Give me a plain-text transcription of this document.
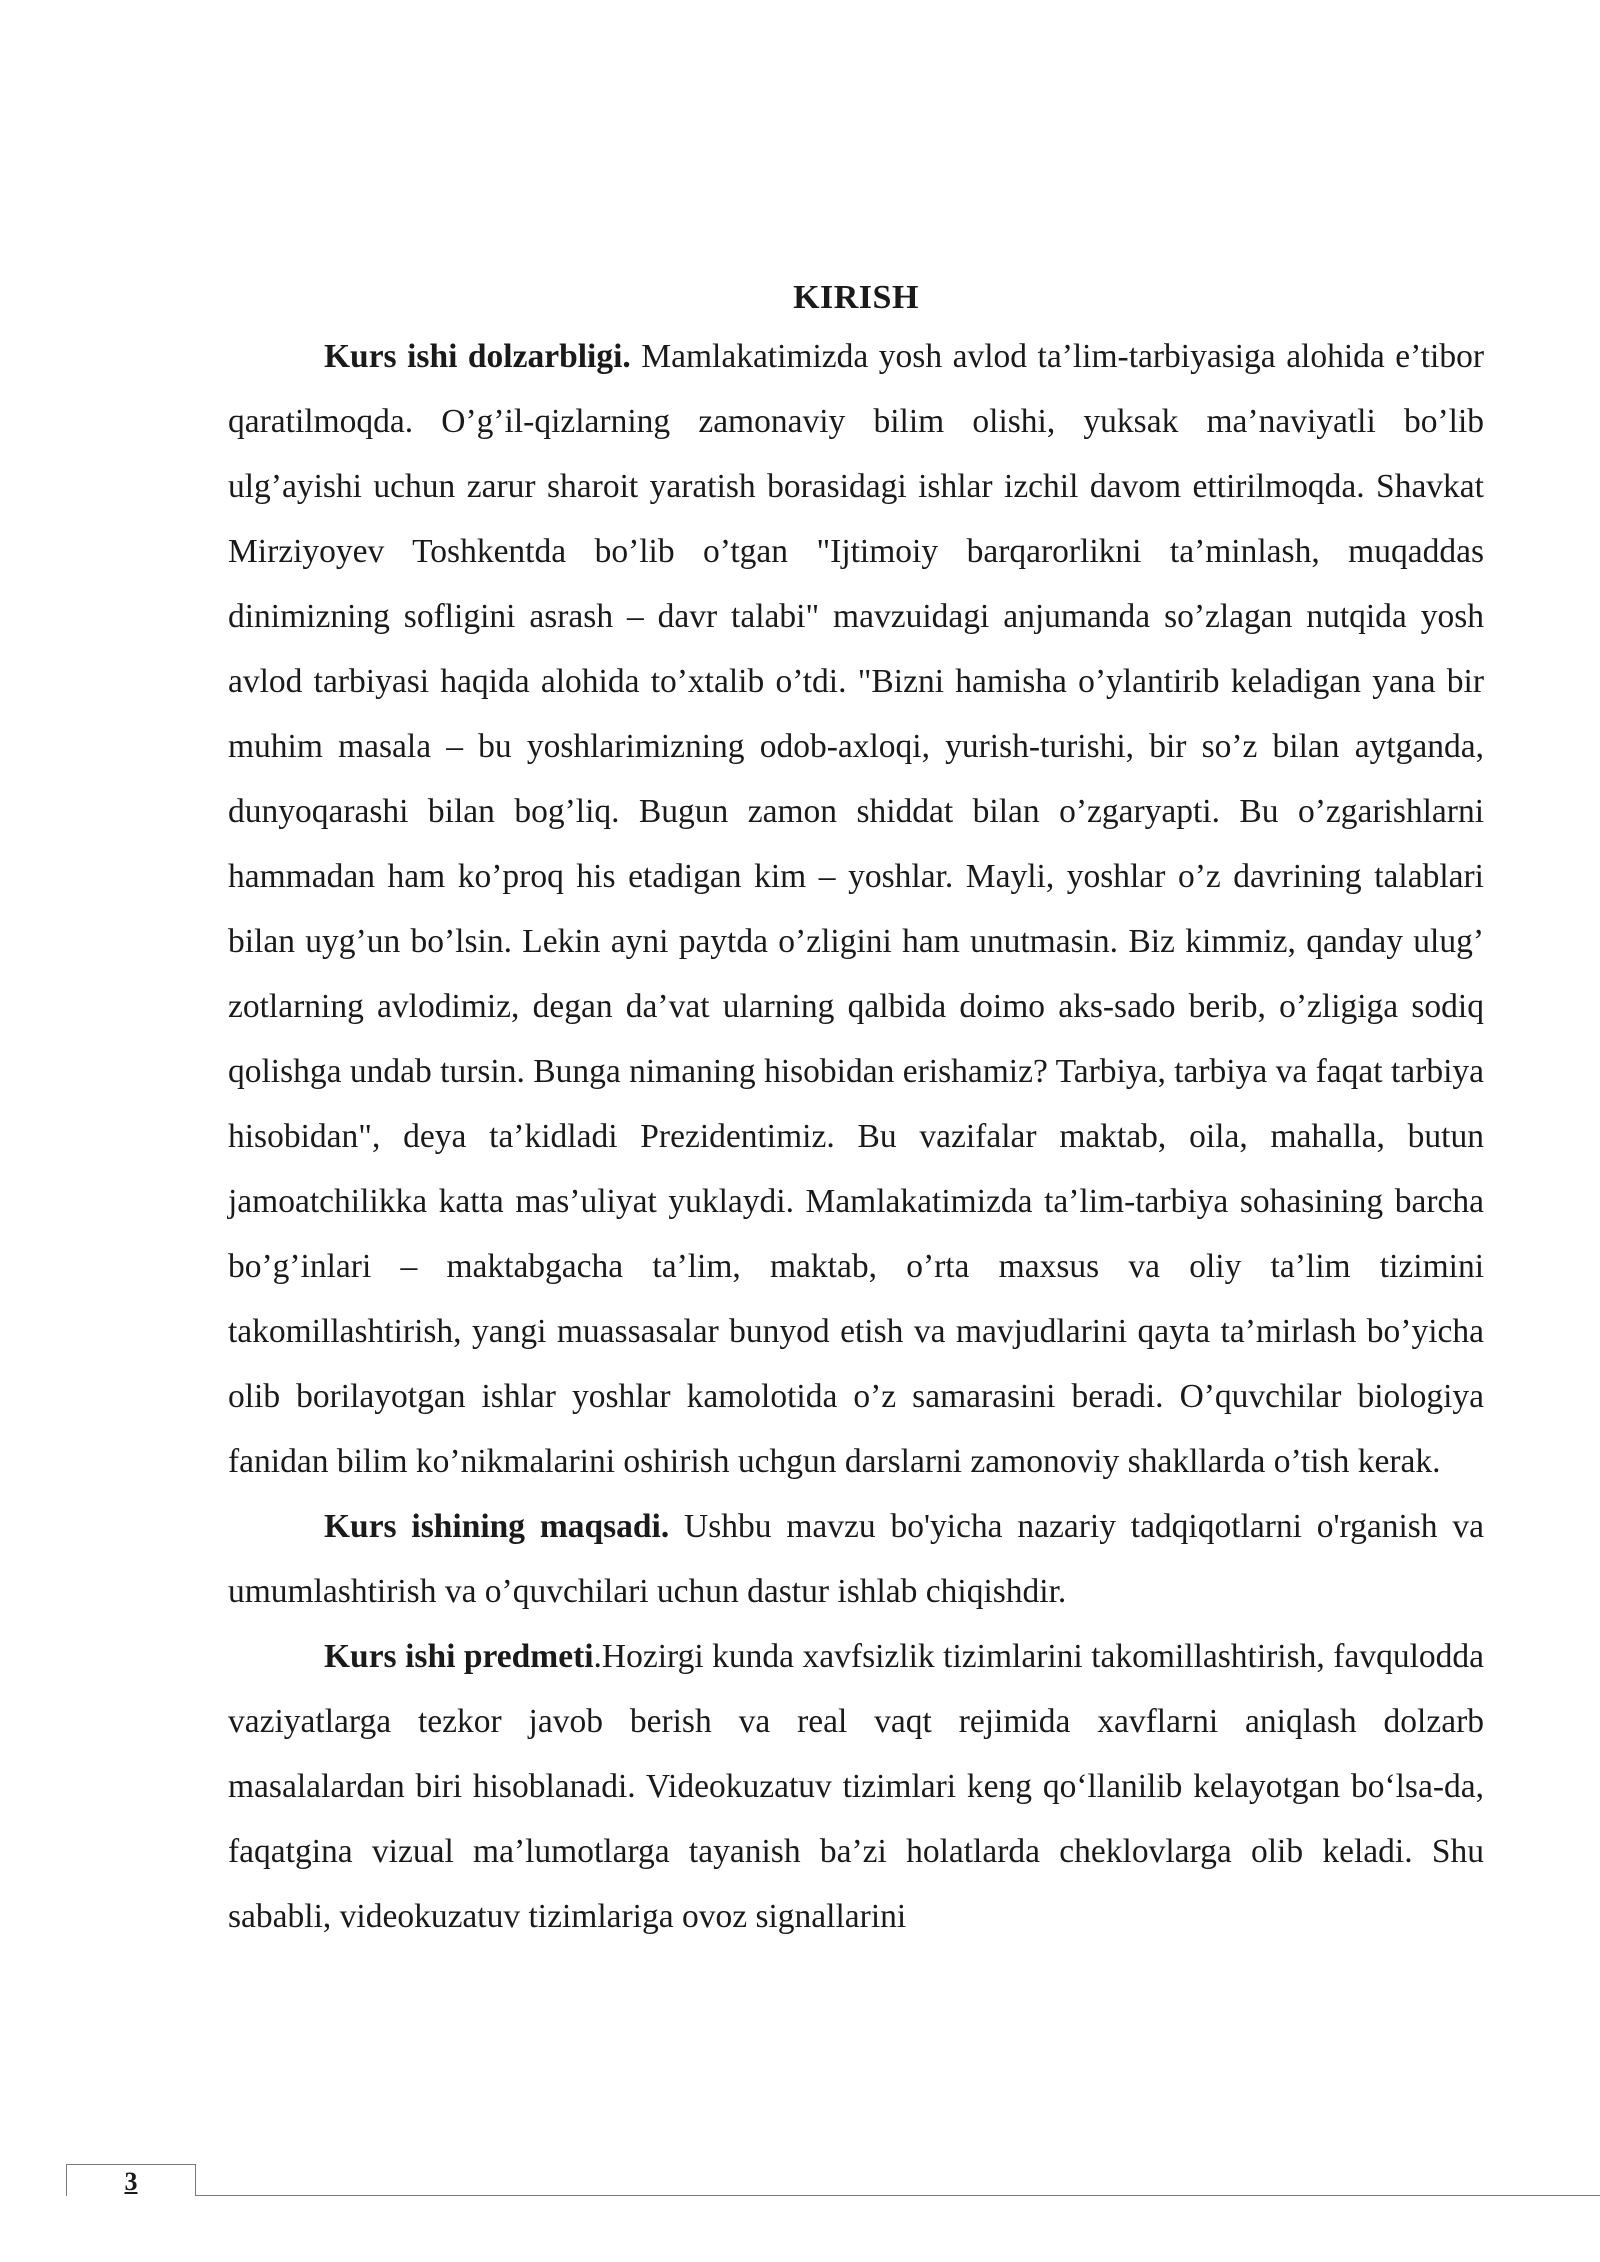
KIRISH

Kurs ishi dolzarbligi. Mamlakatimizda yosh avlod ta’lim-tarbiyasiga alohida e’tibor qaratilmoqda. O’g’il-qizlarning zamonaviy bilim olishi, yuksak ma’naviyatli bo’lib ulg’ayishi uchun zarur sharoit yaratish borasidagi ishlar izchil davom ettirilmoqda. Shavkat Mirziyoyev Toshkentda bo’lib o’tgan "Ijtimoiy barqarorlikni ta’minlash, muqaddas dinimizning sofligini asrash – davr talabi" mavzuidagi anjumanda so’zlagan nutqida yosh avlod tarbiyasi haqida alohida to’xtalib o’tdi. "Bizni hamisha o’ylantirib keladigan yana bir muhim masala – bu yoshlarimizning odob-axloqi, yurish-turishi, bir so’z bilan aytganda, dunyoqarashi bilan bog’liq. Bugun zamon shiddat bilan o’zgaryapti. Bu o’zgarishlarni hammadan ham ko’proq his etadigan kim – yoshlar. Mayli, yoshlar o’z davrining talablari bilan uyg’un bo’lsin. Lekin ayni paytda o’zligini ham unutmasin. Biz kimmiz, qanday ulug’ zotlarning avlodimiz, degan da’vat ularning qalbida doimo aks-sado berib, o’zligiga sodiq qolishga undab tursin. Bunga nimaning hisobidan erishamiz? Tarbiya, tarbiya va faqat tarbiya hisobidan", deya ta’kidladi Prezidentimiz. Bu vazifalar maktab, oila, mahalla, butun jamoatchilikka katta mas’uliyat yuklaydi. Mamlakatimizda ta’lim-tarbiya sohasining barcha bo’g’inlari – maktabgacha ta’lim, maktab, o’rta maxsus va oliy ta’lim tizimini takomillashtirish, yangi muassasalar bunyod etish va mavjudlarini qayta ta’mirlash bo’yicha olib borilayotgan ishlar yoshlar kamolotida o’z samarasini beradi. O’quvchilar biologiya fanidan bilim ko’nikmalarini oshirish uchgun darslarni zamonoviy shakllarda o’tish kerak.

Kurs ishining maqsadi. Ushbu mavzu bo'yicha nazariy tadqiqotlarni o'rganish va umumlashtirish va o’quvchilari uchun dastur ishlab chiqishdir.

Kurs ishi predmeti.Hozirgi kunda xavfsizlik tizimlarini takomillashtirish, favqulodda vaziyatlarga tezkor javob berish va real vaqt rejimida xavflarni aniqlash dolzarb masalalardan biri hisoblanadi. Videokuzatuv tizimlari keng qo‘llanilib kelayotgan bo‘lsa-da, faqatgina vizual ma’lumotlarga tayanish ba’zi holatlarda cheklovlarga olib keladi. Shu sababli, videokuzatuv tizimlariga ovoz signallarini

3
